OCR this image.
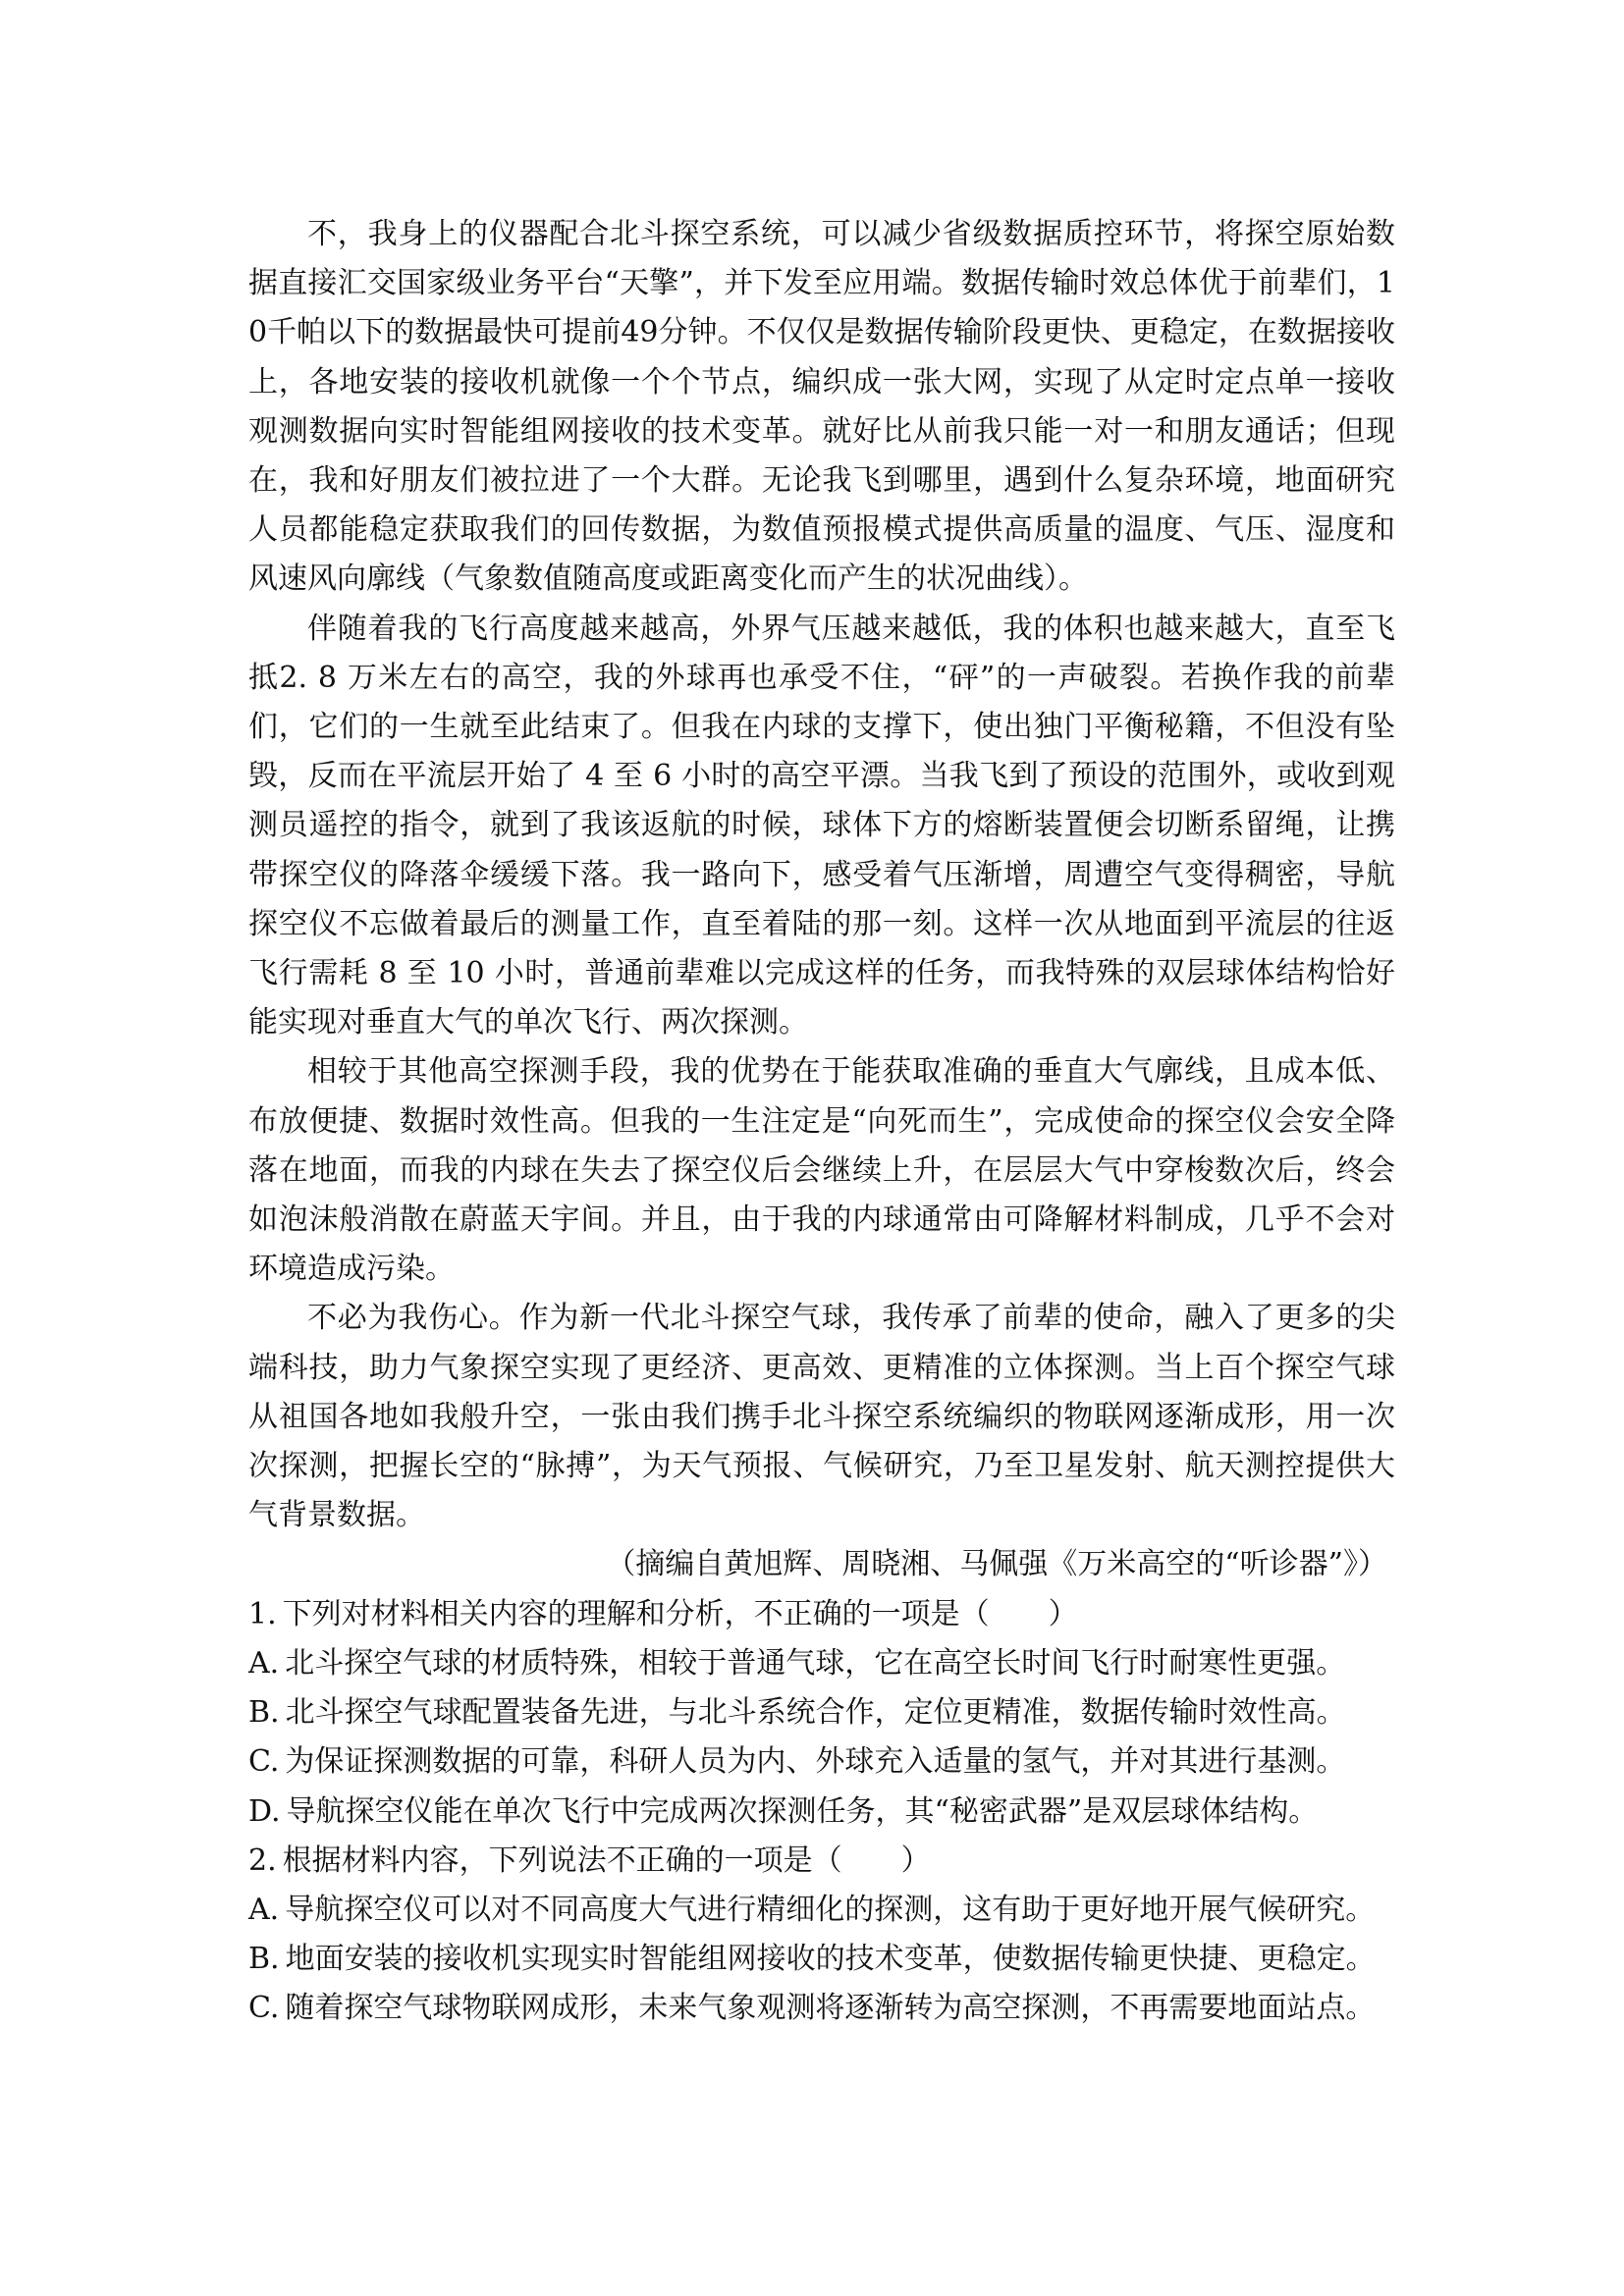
不，我身上的仪器配合北斗探空系统，可以减少省级数据质控环节，将探空原始数据直接汇交国家级业务平台“天擎”，并下发至应用端。数据传输时效总体优于前辈们，10千帕以下的数据最快可提前49分钟。不仅仅是数据传输阶段更快、更稳定，在数据接收上，各地安装的接收机就像一个个节点，编织成一张大网，实现了从定时定点单一接收观测数据向实时智能组网接收的技术变革。就好比从前我只能一对一和朋友通话；但现在，我和好朋友们被拉进了一个大群。无论我飞到哪里，遇到什么复杂环境，地面研究人员都能稳定获取我们的回传数据，为数值预报模式提供高质量的温度、气压、湿度和风速风向廓线（气象数值随高度或距离变化而产生的状况曲线）。

伴随着我的飞行高度越来越高，外界气压越来越低，我的体积也越来越大，直至飞抵2. 8 万米左右的高空，我的外球再也承受不住，“砰”的一声破裂。若换作我的前辈们，它们的一生就至此结束了。但我在内球的支撑下，使出独门平衡秘籍，不但没有坠毁，反而在平流层开始了 4 至 6 小时的高空平漂。当我飞到了预设的范围外，或收到观测员遥控的指令，就到了我该返航的时候，球体下方的熔断装置便会切断系留绳，让携带探空仪的降落伞缓缓下落。我一路向下，感受着气压渐增，周遭空气变得稠密，导航探空仪不忘做着最后的测量工作，直至着陆的那一刻。这样一次从地面到平流层的往返飞行需耗 8 至 10 小时，普通前辈难以完成这样的任务，而我特殊的双层球体结构恰好能实现对垂直大气的单次飞行、两次探测。

相较于其他高空探测手段，我的优势在于能获取准确的垂直大气廓线，且成本低、布放便捷、数据时效性高。但我的一生注定是“向死而生”，完成使命的探空仪会安全降落在地面，而我的内球在失去了探空仪后会继续上升，在层层大气中穿梭数次后，终会如泡沫般消散在蔚蓝天宇间。并且，由于我的内球通常由可降解材料制成，几乎不会对环境造成污染。

不必为我伤心。作为新一代北斗探空气球，我传承了前辈的使命，融入了更多的尖端科技，助力气象探空实现了更经济、更高效、更精准的立体探测。当上百个探空气球从祖国各地如我般升空，一张由我们携手北斗探空系统编织的物联网逐渐成形，用一次次探测，把握长空的“脉搏”，为天气预报、气候研究，乃至卫星发射、航天测控提供大气背景数据。

（摘编自黄旭辉、周晓湘、马佩强《万米高空的“听诊器”》）

1. 下列对材料相关内容的理解和分析，不正确的一项是（　　）

A. 北斗探空气球的材质特殊，相较于普通气球，它在高空长时间飞行时耐寒性更强。

B. 北斗探空气球配置装备先进，与北斗系统合作，定位更精准，数据传输时效性高。

C. 为保证探测数据的可靠，科研人员为内、外球充入适量的氢气，并对其进行基测。

D. 导航探空仪能在单次飞行中完成两次探测任务，其“秘密武器”是双层球体结构。

2. 根据材料内容，下列说法不正确的一项是（　　）

A. 导航探空仪可以对不同高度大气进行精细化的探测，这有助于更好地开展气候研究。

B. 地面安装的接收机实现实时智能组网接收的技术变革，使数据传输更快捷、更稳定。

C. 随着探空气球物联网成形，未来气象观测将逐渐转为高空探测，不再需要地面站点。
